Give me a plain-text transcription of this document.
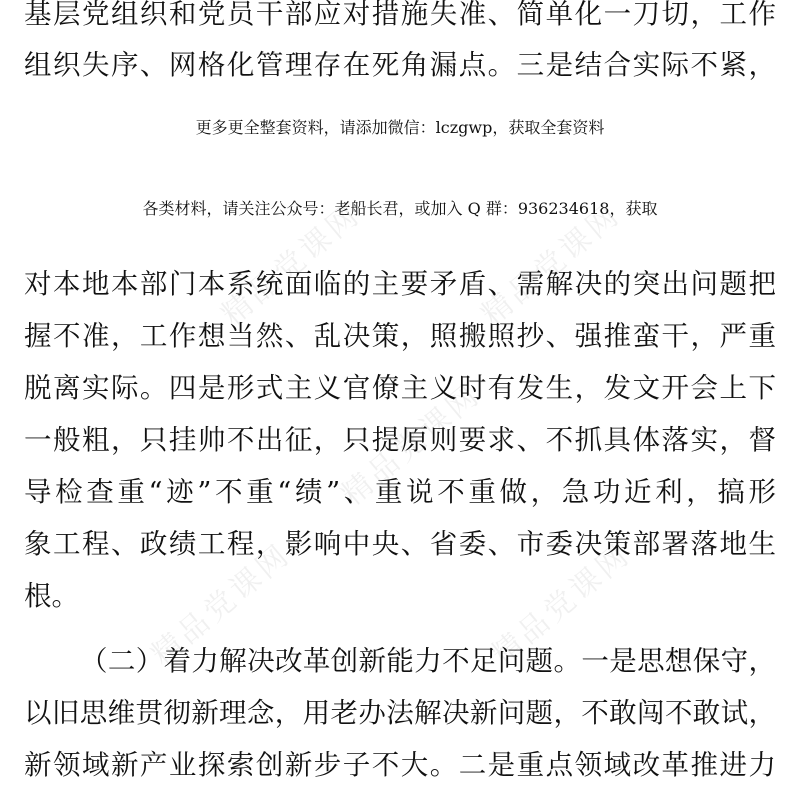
精品党课网	精品党课网
精品党课网
精品党课网	精品党课网
基层党组织和党员干部应对措施失准、简单化一刀切，工作
组织失序、网格化管理存在死角漏点。三是结合实际不紧，
更多更全整套资料，请添加微信：lczgwp，获取全套资料
各类材料，请关注公众号：老船长君，或加入 Q 群：936234618，获取
对本地本部门本系统面临的主要矛盾、需解决的突出问题把
握不准，工作想当然、乱决策，照搬照抄、强推蛮干，严重
脱离实际。四是形式主义官僚主义时有发生，发文开会上下
一般粗，只挂帅不出征，只提原则要求、不抓具体落实，督
导检查重“迹”不重“绩”、重说不重做，急功近利，搞形
象工程、政绩工程，影响中央、省委、市委决策部署落地生
根。
（二）着力解决改革创新能力不足问题。一是思想保守，
以旧思维贯彻新理念，用老办法解决新问题，不敢闯不敢试，
新领域新产业探索创新步子不大。二是重点领域改革推进力
